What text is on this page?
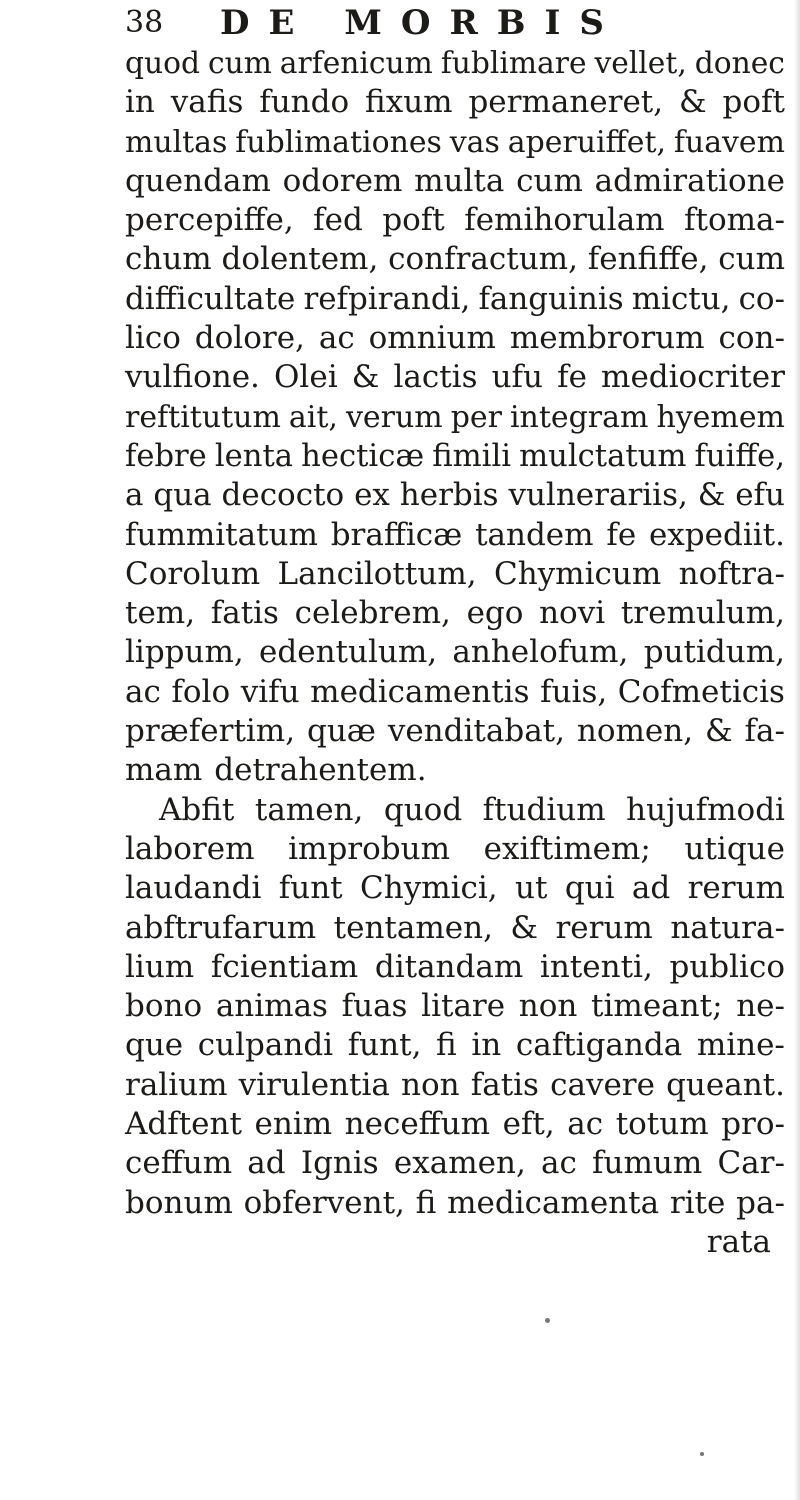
38 DE MORBIS
quod cum arfenicum fublimare vellet, donec
in vafis fundo fixum permaneret, & poft
multas fublimationes vas aperuiffet, fuavem
quendam odorem multa cum admiratione
percepiffe, fed poft femihorulam ftoma-
chum dolentem, confractum, fenfiffe, cum
difficultate refpirandi, fanguinis mictu, co-
lico dolore, ac omnium membrorum con-
vulfione. Olei & lactis ufu fe mediocriter
reftitutum ait, verum per integram hyemem
febre lenta hecticæ fimili mulctatum fuiffe,
a qua decocto ex herbis vulnerariis, & efu
fummitatum brafficæ tandem fe expediit.
Corolum Lancilottum, Chymicum noftra-
tem, fatis celebrem, ego novi tremulum,
lippum, edentulum, anhelofum, putidum,
ac folo vifu medicamentis fuis, Cofmeticis
præfertim, quæ venditabat, nomen, & fa-
mam detrahentem.
Abfit tamen, quod ftudium hujufmodi
laborem improbum exiftimem; utique
laudandi funt Chymici, ut qui ad rerum
abftrufarum tentamen, & rerum natura-
lium fcientiam ditandam intenti, publico
bono animas fuas litare non timeant; ne-
que culpandi funt, fi in caftiganda mine-
ralium virulentia non fatis cavere queant.
Adftent enim neceffum eft, ac totum pro-
ceffum ad Ignis examen, ac fumum Car-
bonum obfervent, fi medicamenta rite pa-
rata
